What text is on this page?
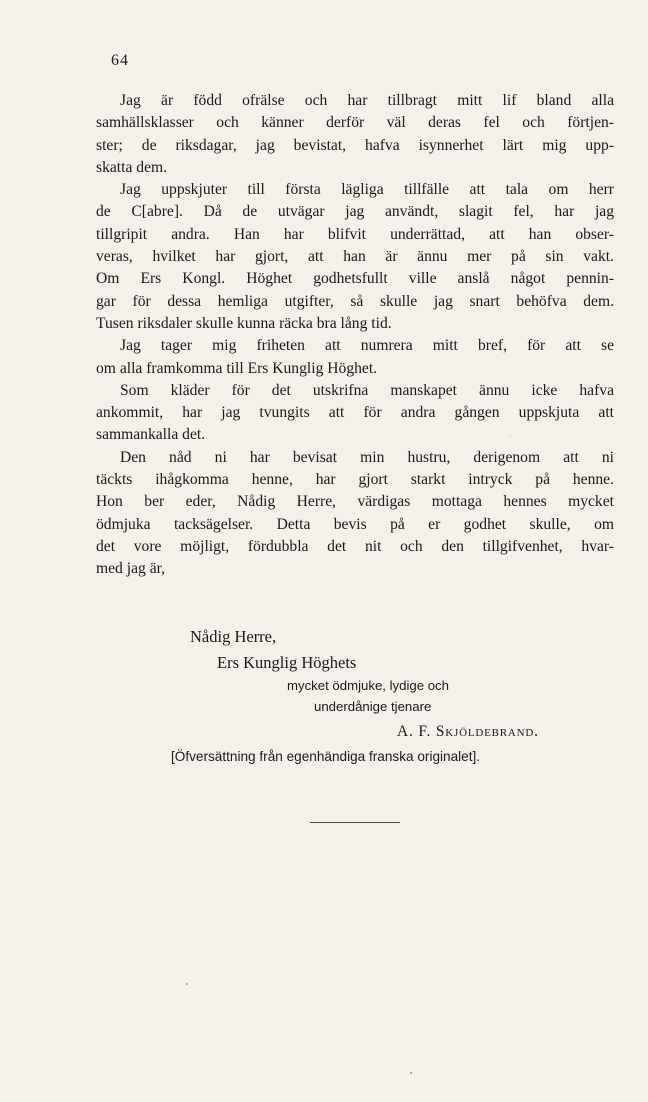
64
Jag är född ofrälse och har tillbragt mitt lif bland alla
samhällsklasser och känner derför väl deras fel och förtjen-
ster; de riksdagar, jag bevistat, hafva isynnerhet lärt mig upp-
skatta dem.
Jag uppskjuter till första lägliga tillfälle att tala om herr
de C[abre]. Då de utvägar jag användt, slagit fel, har jag
tillgripit andra. Han har blifvit underrättad, att han obser-
veras, hvilket har gjort, att han är ännu mer på sin vakt.
Om Ers Kongl. Höghet godhetsfullt ville anslå något pennin-
gar för dessa hemliga utgifter, så skulle jag snart behöfva dem.
Tusen riksdaler skulle kunna räcka bra lång tid.
Jag tager mig friheten att numrera mitt bref, för att se
om alla framkomma till Ers Kunglig Höghet.
Som kläder för det utskrifna manskapet ännu icke hafva
ankommit, har jag tvungits att för andra gången uppskjuta att
sammankalla det.
Den nåd ni har bevisat min hustru, derigenom att ni
täckts ihågkomma henne, har gjort starkt intryck på henne.
Hon ber eder, Nådig Herre, värdigas mottaga hennes mycket
ödmjuka tacksägelser. Detta bevis på er godhet skulle, om
det vore möjligt, fördubbla det nit och den tillgifvenhet, hvar-
med jag är,
Nådig Herre,
Ers Kunglig Höghets
mycket ödmjuke, lydige och
underdånige tjenare
A. F. Skjöldebrand.
[Öfversättning från egenhändiga franska originalet].
